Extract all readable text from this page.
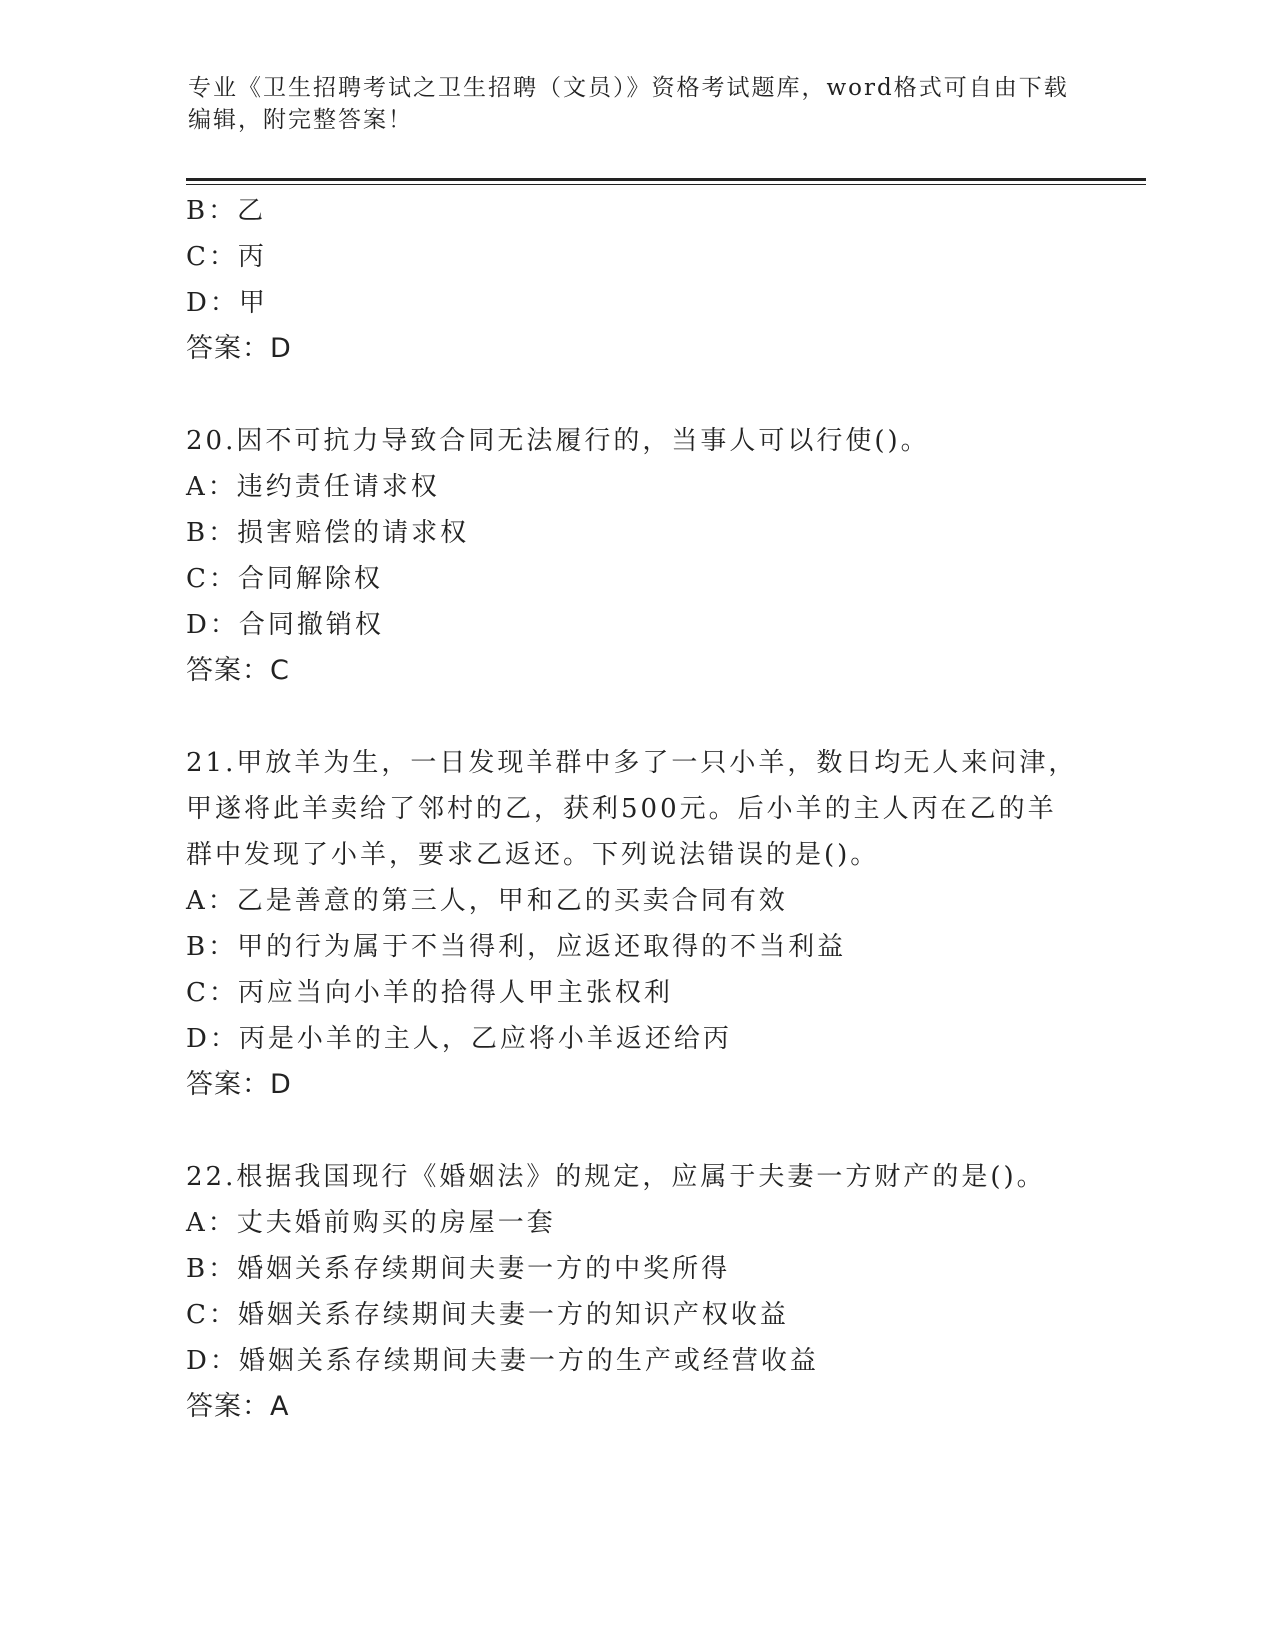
专业《卫生招聘考试之卫生招聘（文员）》资格考试题库，word格式可自由下载
编辑，附完整答案！
B：乙
C：丙
D：甲
答案：D
20.因不可抗力导致合同无法履行的，当事人可以行使()。
A：违约责任请求权
B：损害赔偿的请求权
C：合同解除权
D：合同撤销权
答案：C
21.甲放羊为生，一日发现羊群中多了一只小羊，数日均无人来问津，
甲遂将此羊卖给了邻村的乙，获利500元。后小羊的主人丙在乙的羊
群中发现了小羊，要求乙返还。下列说法错误的是()。
A：乙是善意的第三人，甲和乙的买卖合同有效
B：甲的行为属于不当得利，应返还取得的不当利益
C：丙应当向小羊的拾得人甲主张权利
D：丙是小羊的主人，乙应将小羊返还给丙
答案：D
22.根据我国现行《婚姻法》的规定，应属于夫妻一方财产的是()。
A：丈夫婚前购买的房屋一套
B：婚姻关系存续期间夫妻一方的中奖所得
C：婚姻关系存续期间夫妻一方的知识产权收益
D：婚姻关系存续期间夫妻一方的生产或经营收益
答案：A
